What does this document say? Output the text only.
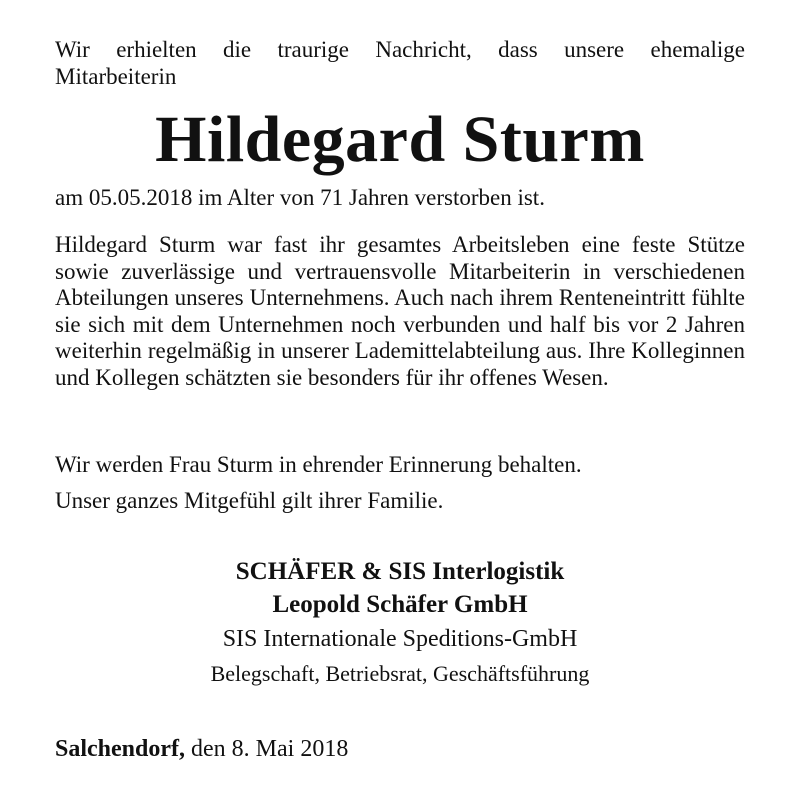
Wir erhielten die traurige Nachricht, dass unsere ehemalige
Mitarbeiterin

Hildegard Sturm

am 05.05.2018 im Alter von 71 Jahren verstorben ist.

Hildegard Sturm war fast ihr gesamtes Arbeitsleben eine feste Stütze sowie zuverlässige und vertrauensvolle Mitarbeiterin in verschiedenen Abteilungen unseres Unternehmens. Auch nach ihrem Renteneintritt fühlte sie sich mit dem Unternehmen noch verbunden und half bis vor 2 Jahren weiterhin regelmäßig in unserer Lademittelabteilung aus. Ihre Kolleginnen und Kollegen schätzten sie besonders für ihr offenes Wesen.

Wir werden Frau Sturm in ehrender Erinnerung behalten.

Unser ganzes Mitgefühl gilt ihrer Familie.

SCHÄFER & SIS Interlogistik

Leopold Schäfer GmbH

SIS Internationale Speditions-GmbH

Belegschaft, Betriebsrat, Geschäftsführung

Salchendorf, den 8. Mai 2018
